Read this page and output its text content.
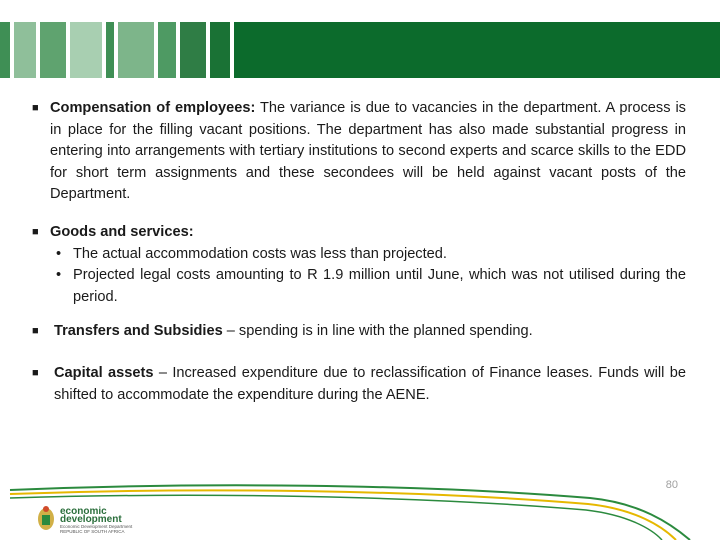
■ Compensation of employees: The variance is due to vacancies in the department. A process is in place for the filling vacant positions. The department has also made substantial progress in entering into arrangements with tertiary institutions to second experts and scarce skills to the EDD for short term assignments and these secondees will be held against vacant posts of the Department.

■ Goods and services:

• The actual accommodation costs was less than projected.
• Projected legal costs amounting to R 1.9 million until June, which was not utilised during the period.
■ Transfers and Subsidies – spending is in line with the planned spending.

■ Capital assets – Increased expenditure due to reclassification of Finance leases. Funds will be shifted to accommodate the expenditure during the AENE.

economic
development
Economic Development Department
REPUBLIC OF SOUTH AFRICA
80
